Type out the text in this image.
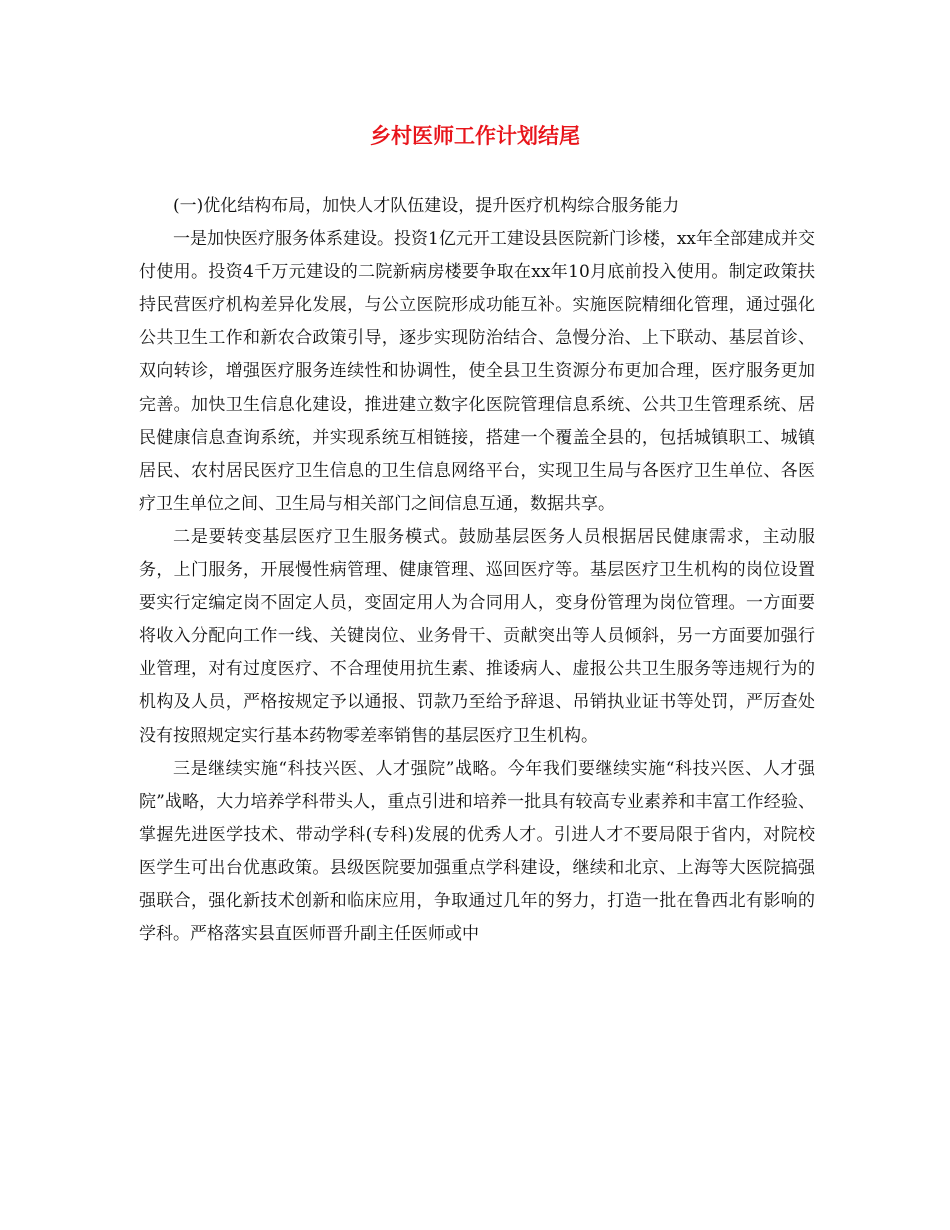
乡村医师工作计划结尾

(一)优化结构布局，加快人才队伍建设，提升医疗机构综合服务能力

一是加快医疗服务体系建设。投资1亿元开工建设县医院新门诊楼，xx年全部建成并交付使用。投资4千万元建设的二院新病房楼要争取在xx年10月底前投入使用。制定政策扶持民营医疗机构差异化发展，与公立医院形成功能互补。实施医院精细化管理，通过强化公共卫生工作和新农合政策引导，逐步实现防治结合、急慢分治、上下联动、基层首诊、双向转诊，增强医疗服务连续性和协调性，使全县卫生资源分布更加合理，医疗服务更加完善。加快卫生信息化建设，推进建立数字化医院管理信息系统、公共卫生管理系统、居民健康信息查询系统，并实现系统互相链接，搭建一个覆盖全县的，包括城镇职工、城镇居民、农村居民医疗卫生信息的卫生信息网络平台，实现卫生局与各医疗卫生单位、各医疗卫生单位之间、卫生局与相关部门之间信息互通，数据共享。

二是要转变基层医疗卫生服务模式。鼓励基层医务人员根据居民健康需求，主动服务，上门服务，开展慢性病管理、健康管理、巡回医疗等。基层医疗卫生机构的岗位设置要实行定编定岗不固定人员，变固定用人为合同用人，变身份管理为岗位管理。一方面要将收入分配向工作一线、关键岗位、业务骨干、贡献突出等人员倾斜，另一方面要加强行业管理，对有过度医疗、不合理使用抗生素、推诿病人、虚报公共卫生服务等违规行为的机构及人员，严格按规定予以通报、罚款乃至给予辞退、吊销执业证书等处罚，严厉查处没有按照规定实行基本药物零差率销售的基层医疗卫生机构。

三是继续实施“科技兴医、人才强院”战略。今年我们要继续实施“科技兴医、人才强院”战略，大力培养学科带头人，重点引进和培养一批具有较高专业素养和丰富工作经验、掌握先进医学技术、带动学科(专科)发展的优秀人才。引进人才不要局限于省内，对院校医学生可出台优惠政策。县级医院要加强重点学科建设，继续和北京、上海等大医院搞强强联合，强化新技术创新和临床应用，争取通过几年的努力，打造一批在鲁西北有影响的学科。严格落实县直医师晋升副主任医师或中
